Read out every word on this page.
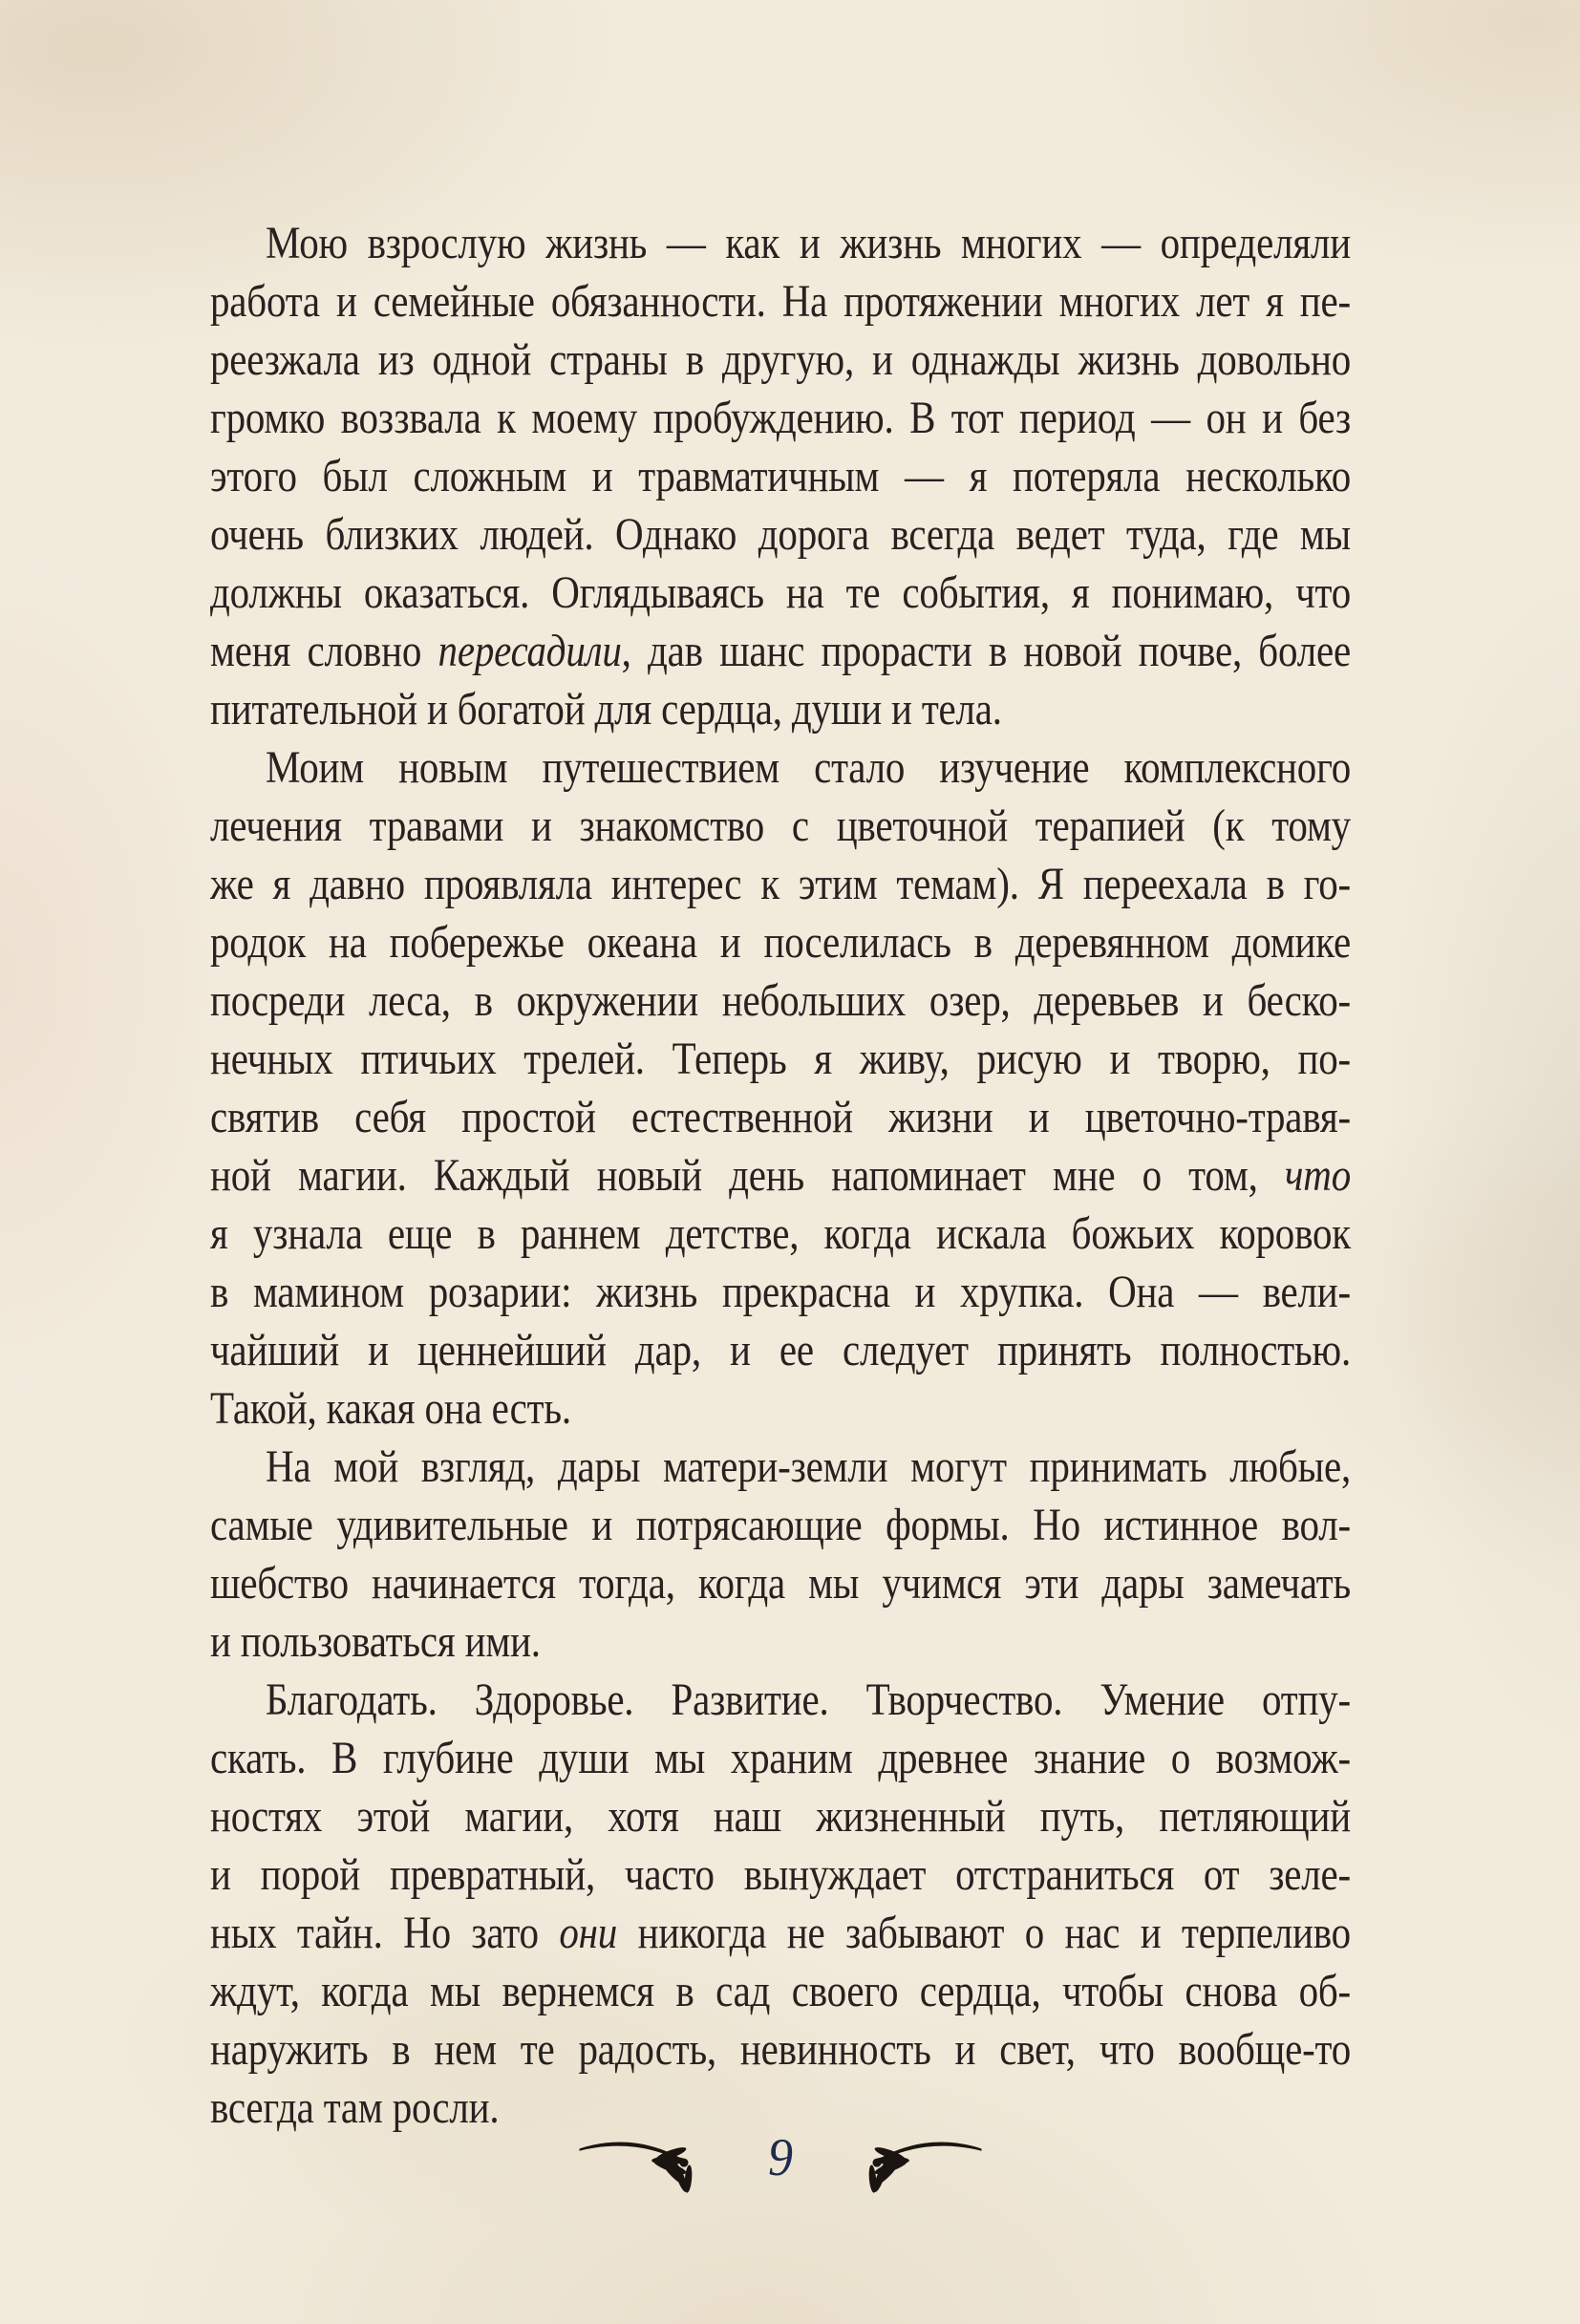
Мою взрослую жизнь — как и жизнь многих — определяли
работа и семейные обязанности. На протяжении многих лет я пе-
реезжала из одной страны в другую, и однажды жизнь довольно
громко воззвала к моему пробуждению. В тот период — он и без
этого был сложным и травматичным — я потеряла несколько
очень близких людей. Однако дорога всегда ведет туда, где мы
должны оказаться. Оглядываясь на те события, я понимаю, что
меня словно пересадили, дав шанс прорасти в новой почве, более
питательной и богатой для сердца, души и тела.
Моим новым путешествием стало изучение комплексного
лечения травами и знакомство с цветочной терапией (к тому
же я давно проявляла интерес к этим темам). Я переехала в го-
родок на побережье океана и поселилась в деревянном домике
посреди леса, в окружении небольших озер, деревьев и беско-
нечных птичьих трелей. Теперь я живу, рисую и творю, по-
святив себя простой естественной жизни и цветочно-травя-
ной магии. Каждый новый день напоминает мне о том, что
я узнала еще в раннем детстве, когда искала божьих коровок
в мамином розарии: жизнь прекрасна и хрупка. Она — вели-
чайший и ценнейший дар, и ее следует принять полностью.
Такой, какая она есть.
На мой взгляд, дары матери-земли могут принимать любые,
самые удивительные и потрясающие формы. Но истинное вол-
шебство начинается тогда, когда мы учимся эти дары замечать
и пользоваться ими.
Благодать. Здоровье. Развитие. Творчество. Умение отпу-
скать. В глубине души мы храним древнее знание о возмож-
ностях этой магии, хотя наш жизненный путь, петляющий
и порой превратный, часто вынуждает отстраниться от зеле-
ных тайн. Но зато они никогда не забывают о нас и терпеливо
ждут, когда мы вернемся в сад своего сердца, чтобы снова об-
наружить в нем те радость, невинность и свет, что вообще-то
всегда там росли.
9
